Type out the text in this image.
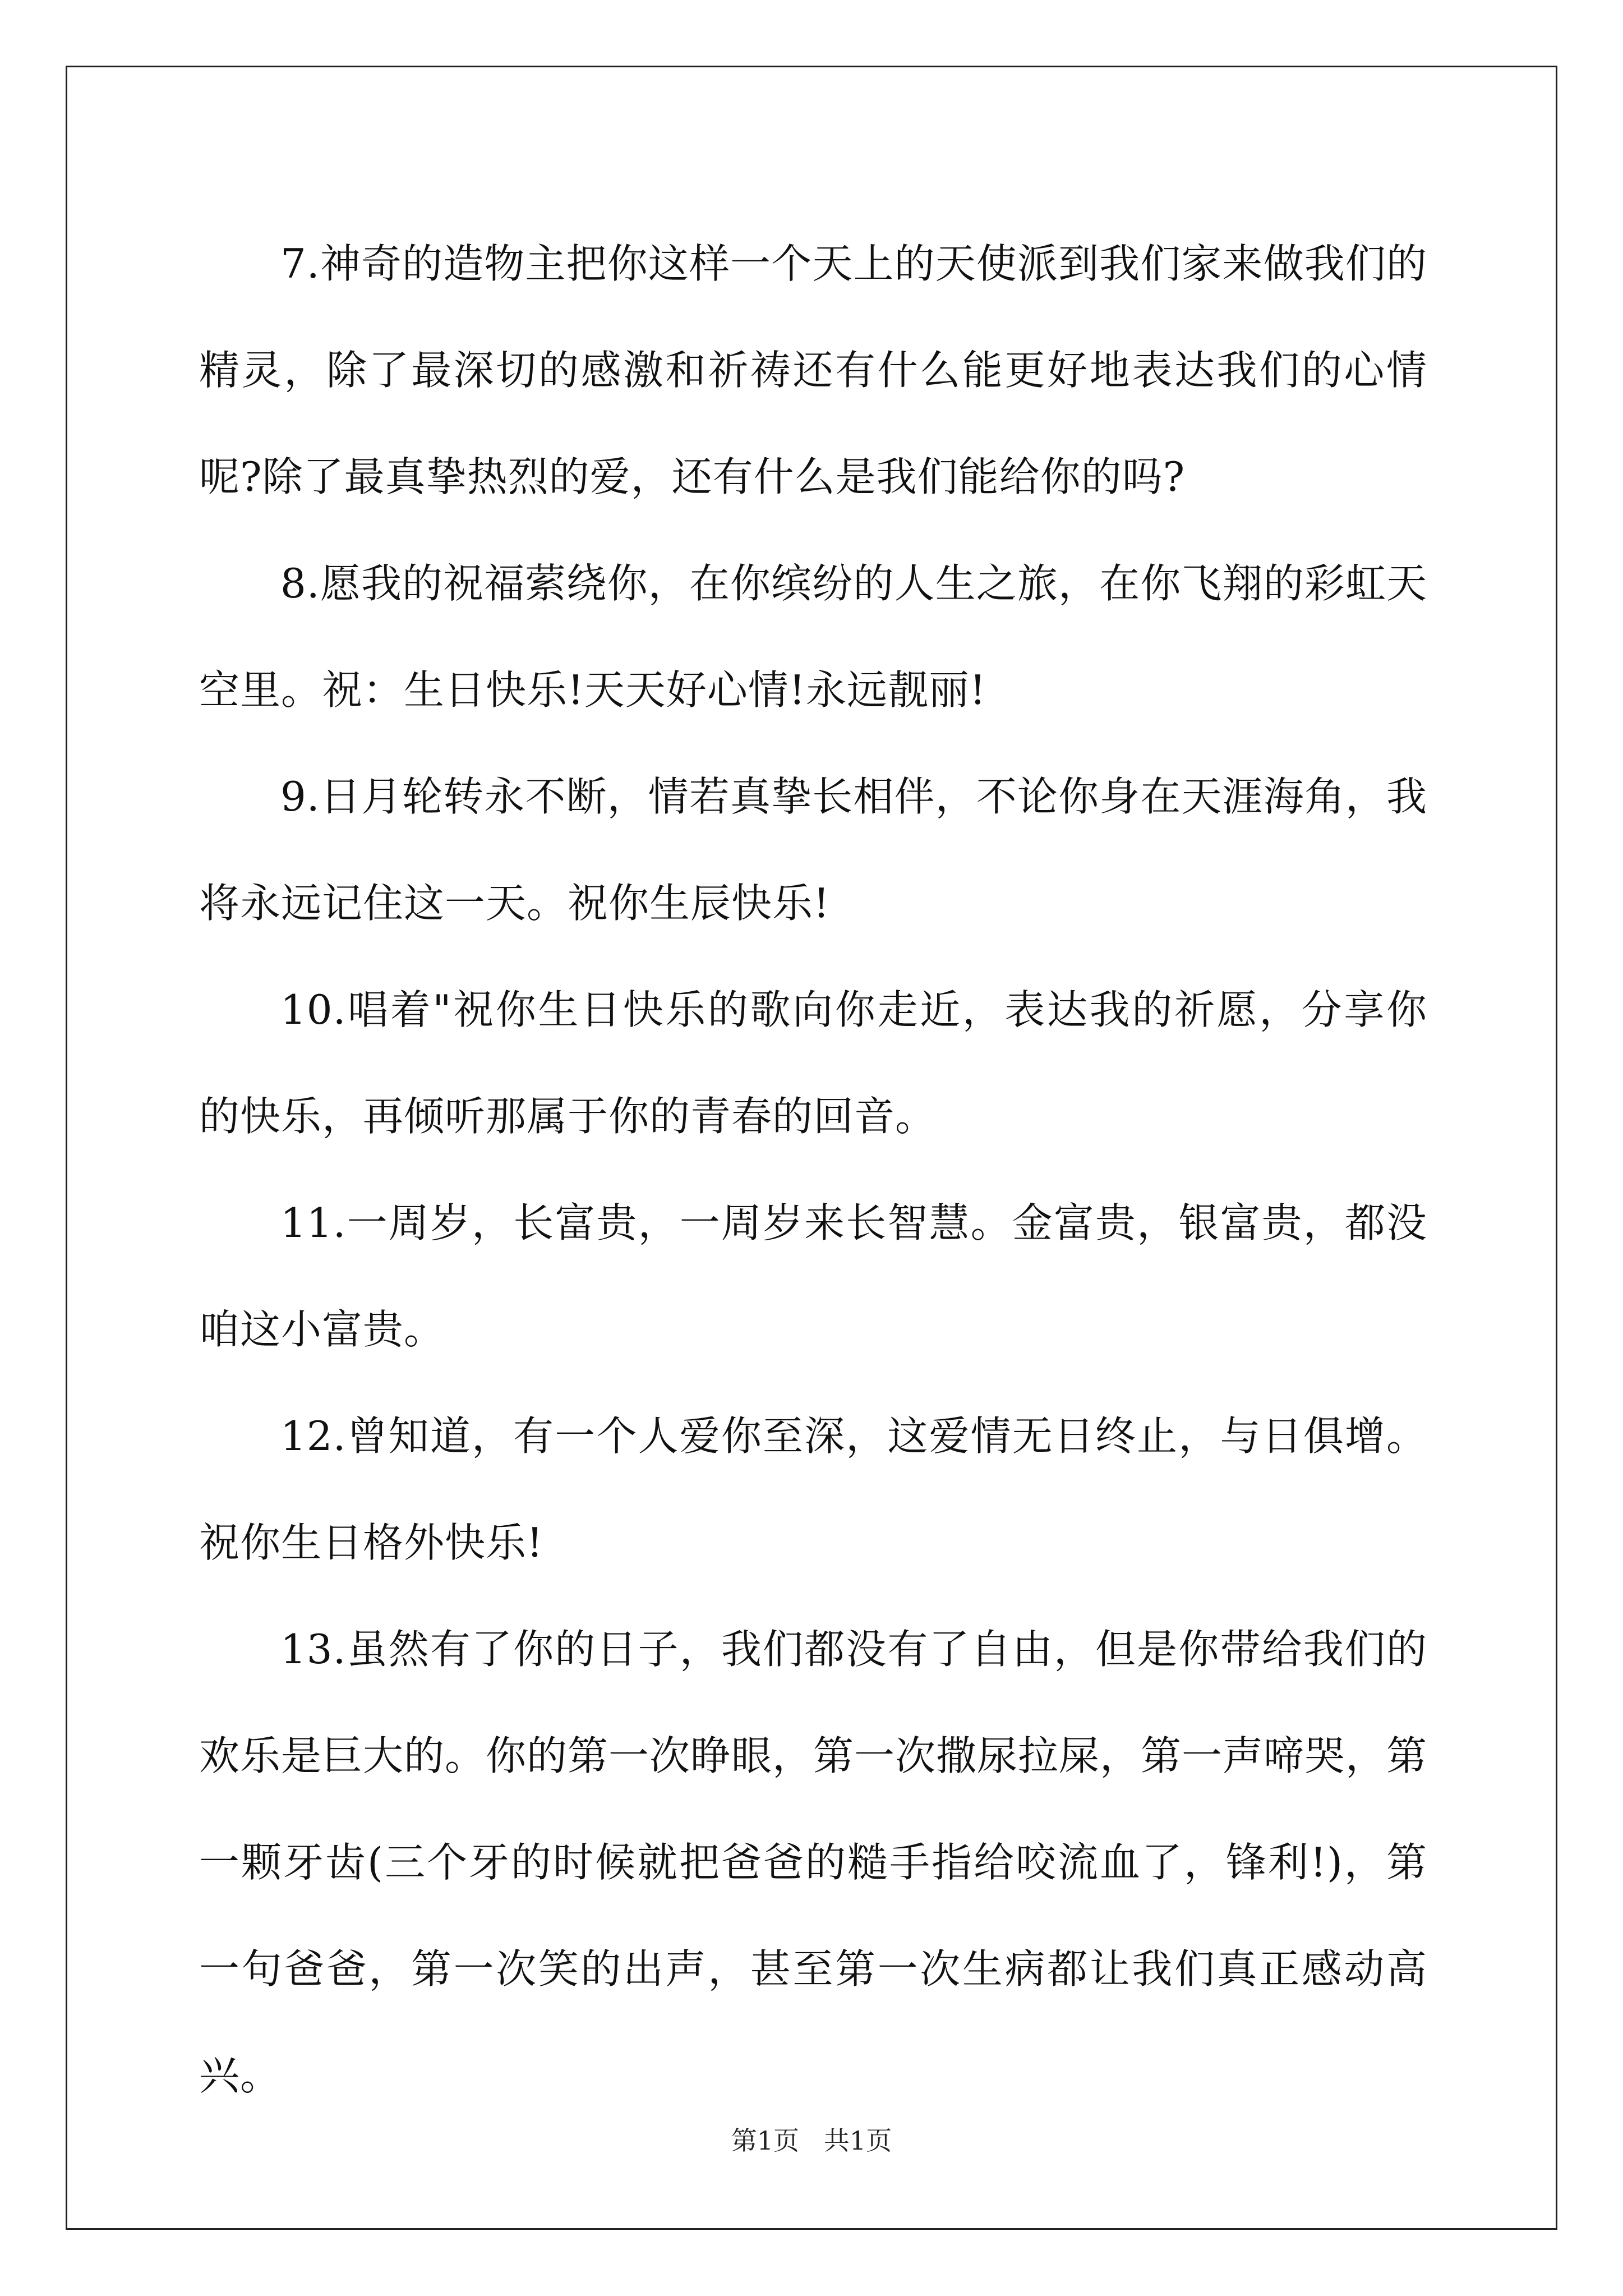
7.神奇的造物主把你这样一个天上的天使派到我们家来做我们的精灵，除了最深切的感激和祈祷还有什么能更好地表达我们的心情呢?除了最真挚热烈的爱，还有什么是我们能给你的吗?

8.愿我的祝福萦绕你，在你缤纷的人生之旅，在你飞翔的彩虹天空里。祝：生日快乐!天天好心情!永远靓丽!

9.日月轮转永不断，情若真挚长相伴，不论你身在天涯海角，我将永远记住这一天。祝你生辰快乐!

10.唱着"祝你生日快乐的歌向你走近，表达我的祈愿，分享你的快乐，再倾听那属于你的青春的回音。

11.一周岁，长富贵，一周岁来长智慧。金富贵，银富贵，都没咱这小富贵。

12.曾知道，有一个人爱你至深，这爱情无日终止，与日俱增。祝你生日格外快乐!

13.虽然有了你的日子，我们都没有了自由，但是你带给我们的欢乐是巨大的。你的第一次睁眼，第一次撒尿拉屎，第一声啼哭，第一颗牙齿(三个牙的时候就把爸爸的糙手指给咬流血了，锋利!)，第一句爸爸，第一次笑的出声，甚至第一次生病都让我们真正感动高兴。

第1页   共1页
